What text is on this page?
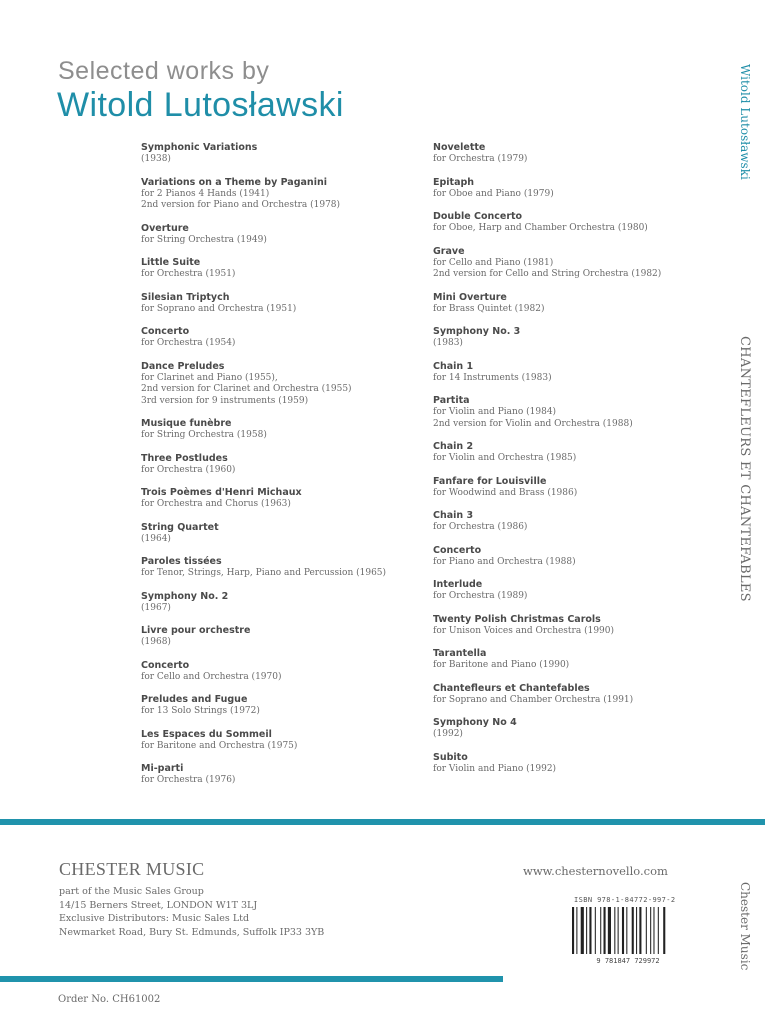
Selected works by
Witold Lutosławski	Witold Lutosławski
CHANTEFLEURS ET CHANTEFABLES
Chester Music
Symphonic Variations
(1938)
Variations on a Theme by Paganini
for 2 Pianos 4 Hands (1941)
2nd version for Piano and Orchestra (1978)
Overture
for String Orchestra (1949)
Little Suite
for Orchestra (1951)
Silesian Triptych
for Soprano and Orchestra (1951)
Concerto
for Orchestra (1954)
Dance Preludes
for Clarinet and Piano (1955),
2nd version for Clarinet and Orchestra (1955)
3rd version for 9 instruments (1959)
Musique funèbre
for String Orchestra (1958)
Three Postludes
for Orchestra (1960)
Trois Poèmes d'Henri Michaux
for Orchestra and Chorus (1963)
String Quartet
(1964)
Paroles tissées
for Tenor, Strings, Harp, Piano and Percussion (1965)
Symphony No. 2
(1967)
Livre pour orchestre
(1968)
Concerto
for Cello and Orchestra (1970)
Preludes and Fugue
for 13 Solo Strings (1972)
Les Espaces du Sommeil
for Baritone and Orchestra (1975)
Mi-parti
for Orchestra (1976)
Novelette
for Orchestra (1979)
Epitaph
for Oboe and Piano (1979)
Double Concerto
for Oboe, Harp and Chamber Orchestra (1980)
Grave
for Cello and Piano (1981)
2nd version for Cello and String Orchestra (1982)
Mini Overture
for Brass Quintet (1982)
Symphony No. 3
(1983)
Chain 1
for 14 Instruments (1983)
Partita
for Violin and Piano (1984)
2nd version for Violin and Orchestra (1988)
Chain 2
for Violin and Orchestra (1985)
Fanfare for Louisville
for Woodwind and Brass (1986)
Chain 3
for Orchestra (1986)
Concerto
for Piano and Orchestra (1988)
Interlude
for Orchestra (1989)
Twenty Polish Christmas Carols
for Unison Voices and Orchestra (1990)
Tarantella
for Baritone and Piano (1990)
Chantefleurs et Chantefables
for Soprano and Chamber Orchestra (1991)
Symphony No 4
(1992)
Subito
for Violin and Piano (1992)
CHESTER MUSIC
part of the Music Sales Group
14/15 Berners Street, LONDON W1T 3LJ
Exclusive Distributors: Music Sales Ltd
Newmarket Road, Bury St. Edmunds, Suffolk IP33 3YB
www.chesternovello.com
ISBN 978-1-84772-997-2
9 781847 729972
Order No. CH61002
